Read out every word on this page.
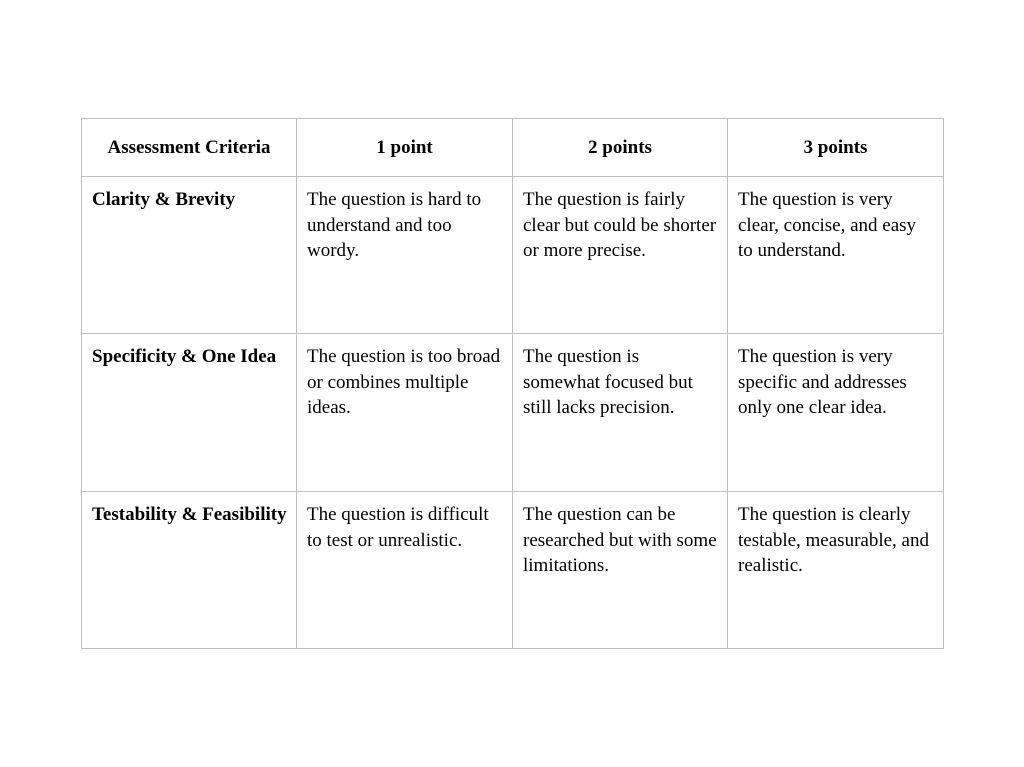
Assessment Criteria	1 point	2 points	3 points
Clarity & Brevity	The question is hard to understand and too wordy.	The question is fairly clear but could be shorter or more precise.	The question is very clear, concise, and easy to understand.
Specificity & One Idea	The question is too broad or combines multiple ideas.	The question is somewhat focused but still lacks precision.	The question is very specific and addresses only one clear idea.
Testability & Feasibility	The question is difficult to test or unrealistic.	The question can be researched but with some limitations.	The question is clearly testable, measurable, and realistic.
